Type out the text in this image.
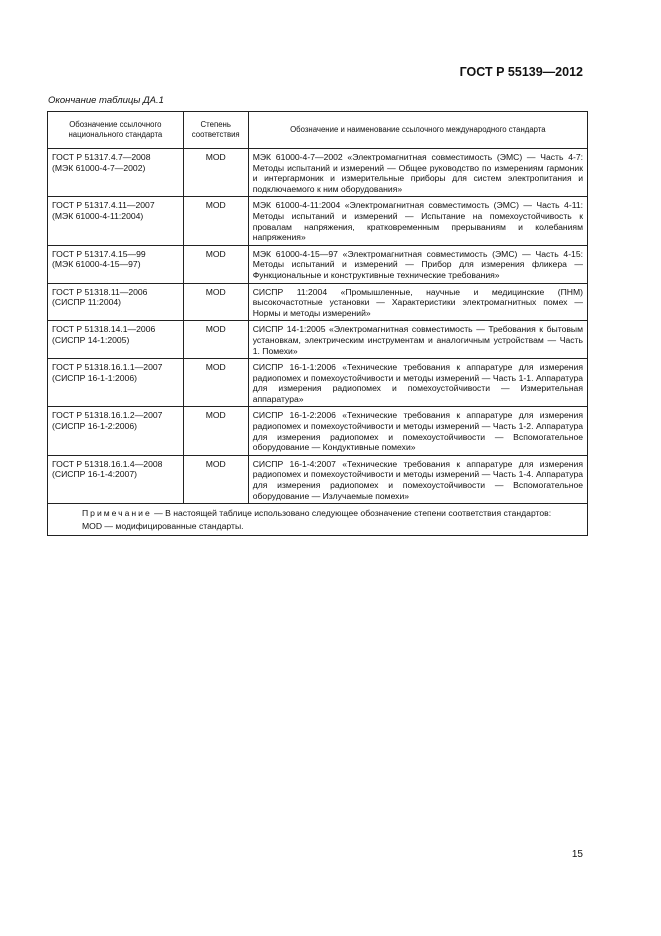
ГОСТ Р 55139—2012
Окончание таблицы ДА.1
Обозначение ссылочного национального стандарта	Степень соответствия	Обозначение и наименование ссылочного международного стандарта
ГОСТ Р 51317.4.7—2008
(МЭК 61000-4-7—2002)	MOD	МЭК 61000-4-7—2002 «Электромагнитная совместимость (ЭМС) — Часть 4-7: Методы испытаний и измерений — Общее руководство по измерениям гармоник и интергармоник и измерительные приборы для систем электропитания и подключаемого к ним оборудования»
ГОСТ Р 51317.4.11—2007
(МЭК 61000-4-11:2004)	MOD	МЭК 61000-4-11:2004 «Электромагнитная совместимость (ЭМС) — Часть 4-11: Методы испытаний и измерений — Испытание на помехоустойчивость к провалам напряжения, кратковременным прерываниям и колебаниям напряжения»
ГОСТ Р 51317.4.15—99
(МЭК 61000-4-15—97)	MOD	МЭК 61000-4-15—97 «Электромагнитная совместимость (ЭМС) — Часть 4-15: Методы испытаний и измерений — Прибор для измерения фликера — Функциональные и конструктивные технические требования»
ГОСТ Р 51318.11—2006
(СИСПР 11:2004)	MOD	СИСПР 11:2004 «Промышленные, научные и медицинские (ПНМ) высокочастотные установки — Характеристики электромагнитных помех — Нормы и методы измерений»
ГОСТ Р 51318.14.1—2006
(СИСПР 14-1:2005)	MOD	СИСПР 14-1:2005 «Электромагнитная совместимость — Требования к бытовым установкам, электрическим инструментам и аналогичным устройствам — Часть 1. Помехи»
ГОСТ Р 51318.16.1.1—2007
(СИСПР 16-1-1:2006)	MOD	СИСПР 16-1-1:2006 «Технические требования к аппаратуре для измерения радиопомех и помехоустойчивости и методы измерений — Часть 1-1. Аппаратура для измерения радиопомех и помехоустойчивости — Измерительная аппаратура»
ГОСТ Р 51318.16.1.2—2007
(СИСПР 16-1-2:2006)	MOD	СИСПР 16-1-2:2006 «Технические требования к аппаратуре для измерения радиопомех и помехоустойчивости и методы измерений — Часть 1-2. Аппаратура для измерения радиопомех и помехоустойчивости — Вспомогательное оборудование — Кондуктивные помехи»
ГОСТ Р 51318.16.1.4—2008
(СИСПР 16-1-4:2007)	MOD	СИСПР 16-1-4:2007 «Технические требования к аппаратуре для измерения радиопомех и помехоустойчивости и методы измерений — Часть 1-4. Аппаратура для измерения радиопомех и помехоустойчивости — Вспомогательное оборудование — Излучаемые помехи»

Примечание — В настоящей таблице использовано следующее обозначение степени соответствия стандартов:
MOD — модифицированные стандарты.		
15
